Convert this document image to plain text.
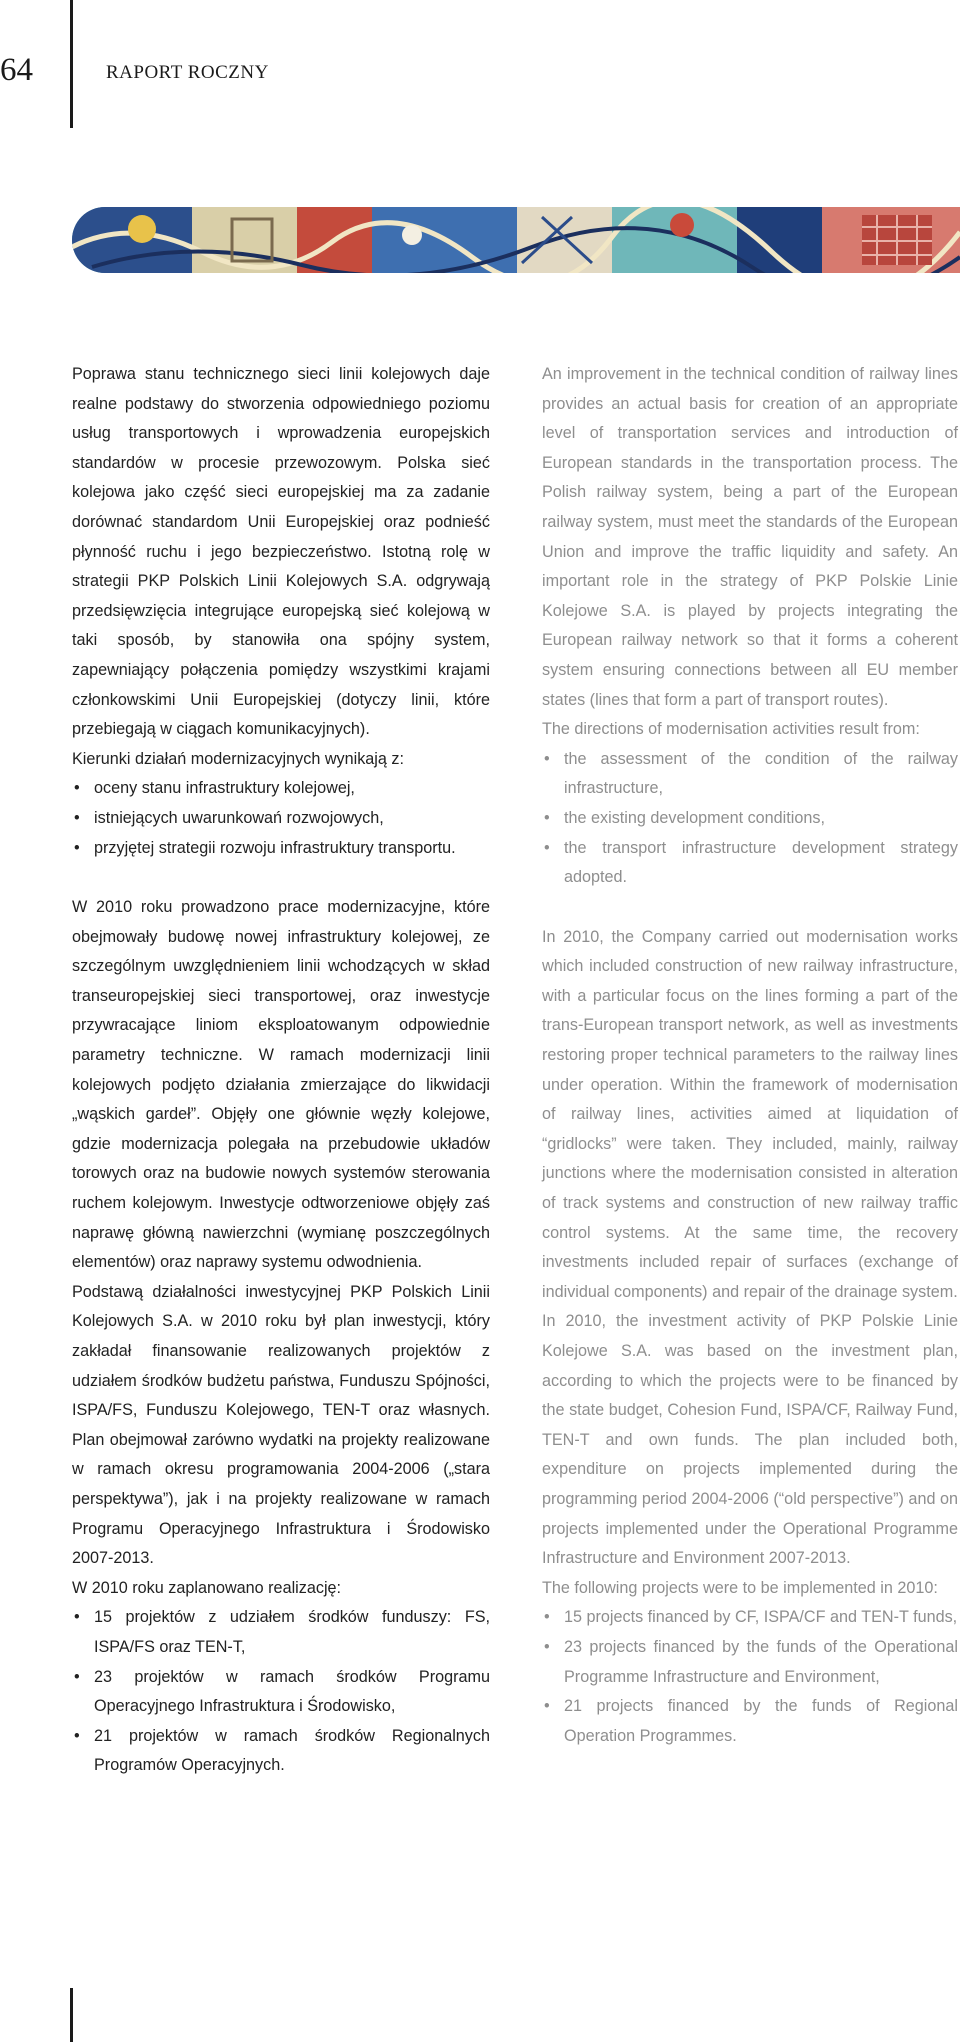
64	RAPORT ROCZNY

Poprawa stanu technicznego sieci linii kolejowych daje realne podstawy do stworzenia odpowiedniego poziomu usług transportowych i wprowadzenia europejskich standardów w procesie przewozowym. Polska sieć kolejowa jako część sieci europejskiej ma za zadanie dorównać standardom Unii Europejskiej oraz podnieść płynność ruchu i jego bezpieczeństwo. Istotną rolę w strategii PKP Polskich Linii Kolejowych S.A. odgrywają przedsięwzięcia integrujące europejską sieć kolejową w taki sposób, by stanowiła ona spójny system, zapewniający połączenia pomiędzy wszystkimi krajami członkowskimi Unii Europejskiej (dotyczy linii, które przebiegają w ciągach komunikacyjnych).

Kierunki działań modernizacyjnych wynikają z:

• oceny stanu infrastruktury kolejowej,
• istniejących uwarunkowań rozwojowych,
• przyjętej strategii rozwoju infrastruktury transportu.

W 2010 roku prowadzono prace modernizacyjne, które obejmowały budowę nowej infrastruktury kolejowej, ze szczególnym uwzględnieniem linii wchodzących w skład transeuropejskiej sieci transportowej, oraz inwestycje przywracające liniom eksploatowanym odpowiednie parametry techniczne. W ramach modernizacji linii kolejowych podjęto działania zmierzające do likwidacji „wąskich gardeł”. Objęły one głównie węzły kolejowe, gdzie modernizacja polegała na przebudowie układów torowych oraz na budowie nowych systemów sterowania ruchem kolejowym. Inwestycje odtworzeniowe objęły zaś naprawę główną nawierzchni (wymianę poszczególnych elementów) oraz naprawy systemu odwodnienia.

Podstawą działalności inwestycyjnej PKP Polskich Linii Kolejowych S.A. w 2010 roku był plan inwestycji, który zakładał finansowanie realizowanych projektów z udziałem środków budżetu państwa, Funduszu Spójności, ISPA/FS, Funduszu Kolejowego, TEN-T oraz własnych. Plan obejmował zarówno wydatki na projekty realizowane w ramach okresu programowania 2004-2006 („stara perspektywa”), jak i na projekty realizowane w ramach Programu Operacyjnego Infrastruktura i Środowisko 2007-2013.

W 2010 roku zaplanowano realizację:

• 15 projektów z udziałem środków funduszy: FS, ISPA/FS oraz TEN-T,
• 23 projektów w ramach środków Programu Operacyjnego Infrastruktura i Środowisko,
• 21 projektów w ramach środków Regionalnych Programów Operacyjnych.

An improvement in the technical condition of railway lines provides an actual basis for creation of an appropriate level of transportation services and introduction of European standards in the transportation process. The Polish railway system, being a part of the European railway system, must meet the standards of the European Union and improve the traffic liquidity and safety. An important role in the strategy of PKP Polskie Linie Kolejowe S.A. is played by projects integrating the European railway network so that it forms a coherent system ensuring connections between all EU member states (lines that form a part of transport routes).

The directions of modernisation activities result from:

• the assessment of the condition of the railway infrastructure,
• the existing development conditions,
• the transport infrastructure development strategy adopted.

In 2010, the Company carried out modernisation works which included construction of new railway infrastructure, with a particular focus on the lines forming a part of the trans-European transport network, as well as investments restoring proper technical parameters to the railway lines under operation. Within the framework of modernisation of railway lines, activities aimed at liquidation of “gridlocks” were taken. They included, mainly, railway junctions where the modernisation consisted in alteration of track systems and construction of new railway traffic control systems. At the same time, the recovery investments included repair of surfaces (exchange of individual components) and repair of the drainage system.

In 2010, the investment activity of PKP Polskie Linie Kolejowe S.A. was based on the investment plan, according to which the projects were to be financed by the state budget, Cohesion Fund, ISPA/CF, Railway Fund, TEN-T and own funds. The plan included both, expenditure on projects implemented during the programming period 2004-2006 (“old perspective”) and on projects implemented under the Operational Programme Infrastructure and Environment 2007-2013.

The following projects were to be implemented in 2010:

• 15 projects financed by CF, ISPA/CF and TEN-T funds,
• 23 projects financed by the funds of the Operational Programme Infrastructure and Environment,
• 21 projects financed by the funds of Regional Operation Programmes.
